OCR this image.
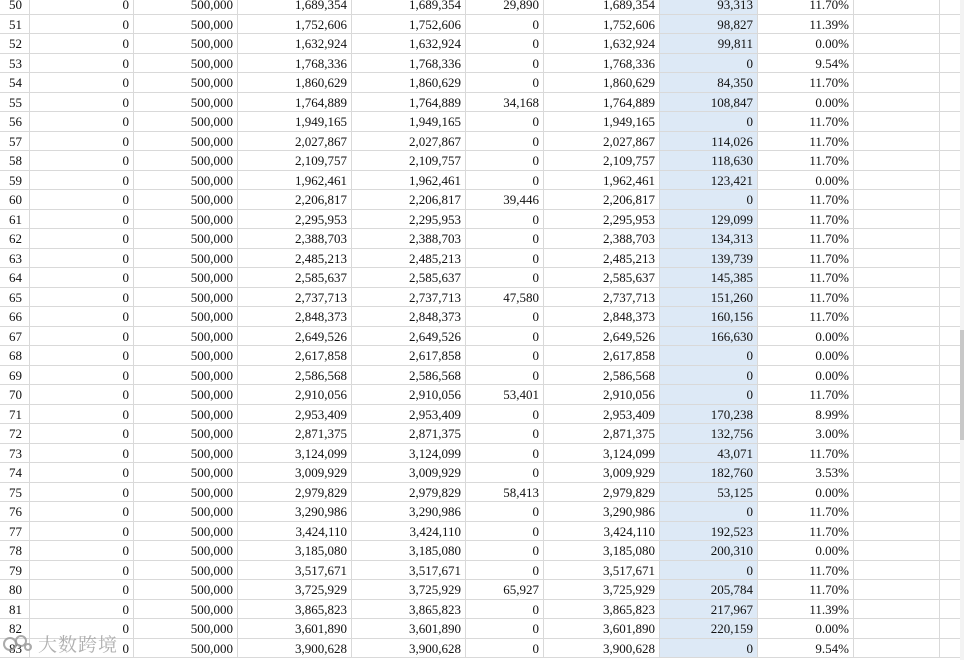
50	0	500,000	1,689,354	1,689,354	29,890	1,689,354	93,313	11.70%
51	0	500,000	1,752,606	1,752,606	0	1,752,606	98,827	11.39%
52	0	500,000	1,632,924	1,632,924	0	1,632,924	99,811	0.00%
53	0	500,000	1,768,336	1,768,336	0	1,768,336	0	9.54%
54	0	500,000	1,860,629	1,860,629	0	1,860,629	84,350	11.70%
55	0	500,000	1,764,889	1,764,889	34,168	1,764,889	108,847	0.00%
56	0	500,000	1,949,165	1,949,165	0	1,949,165	0	11.70%
57	0	500,000	2,027,867	2,027,867	0	2,027,867	114,026	11.70%
58	0	500,000	2,109,757	2,109,757	0	2,109,757	118,630	11.70%
59	0	500,000	1,962,461	1,962,461	0	1,962,461	123,421	0.00%
60	0	500,000	2,206,817	2,206,817	39,446	2,206,817	0	11.70%
61	0	500,000	2,295,953	2,295,953	0	2,295,953	129,099	11.70%
62	0	500,000	2,388,703	2,388,703	0	2,388,703	134,313	11.70%
63	0	500,000	2,485,213	2,485,213	0	2,485,213	139,739	11.70%
64	0	500,000	2,585,637	2,585,637	0	2,585,637	145,385	11.70%
65	0	500,000	2,737,713	2,737,713	47,580	2,737,713	151,260	11.70%
66	0	500,000	2,848,373	2,848,373	0	2,848,373	160,156	11.70%
67	0	500,000	2,649,526	2,649,526	0	2,649,526	166,630	0.00%
68	0	500,000	2,617,858	2,617,858	0	2,617,858	0	0.00%
69	0	500,000	2,586,568	2,586,568	0	2,586,568	0	0.00%
70	0	500,000	2,910,056	2,910,056	53,401	2,910,056	0	11.70%
71	0	500,000	2,953,409	2,953,409	0	2,953,409	170,238	8.99%
72	0	500,000	2,871,375	2,871,375	0	2,871,375	132,756	3.00%
73	0	500,000	3,124,099	3,124,099	0	3,124,099	43,071	11.70%
74	0	500,000	3,009,929	3,009,929	0	3,009,929	182,760	3.53%
75	0	500,000	2,979,829	2,979,829	58,413	2,979,829	53,125	0.00%
76	0	500,000	3,290,986	3,290,986	0	3,290,986	0	11.70%
77	0	500,000	3,424,110	3,424,110	0	3,424,110	192,523	11.70%
78	0	500,000	3,185,080	3,185,080	0	3,185,080	200,310	0.00%
79	0	500,000	3,517,671	3,517,671	0	3,517,671	0	11.70%
80	0	500,000	3,725,929	3,725,929	65,927	3,725,929	205,784	11.70%
81	0	500,000	3,865,823	3,865,823	0	3,865,823	217,967	11.39%
82	0	500,000	3,601,890	3,601,890	0	3,601,890	220,159	0.00%
83	0	500,000	3,900,628	3,900,628	0	3,900,628	0	9.54%
大数跨境
